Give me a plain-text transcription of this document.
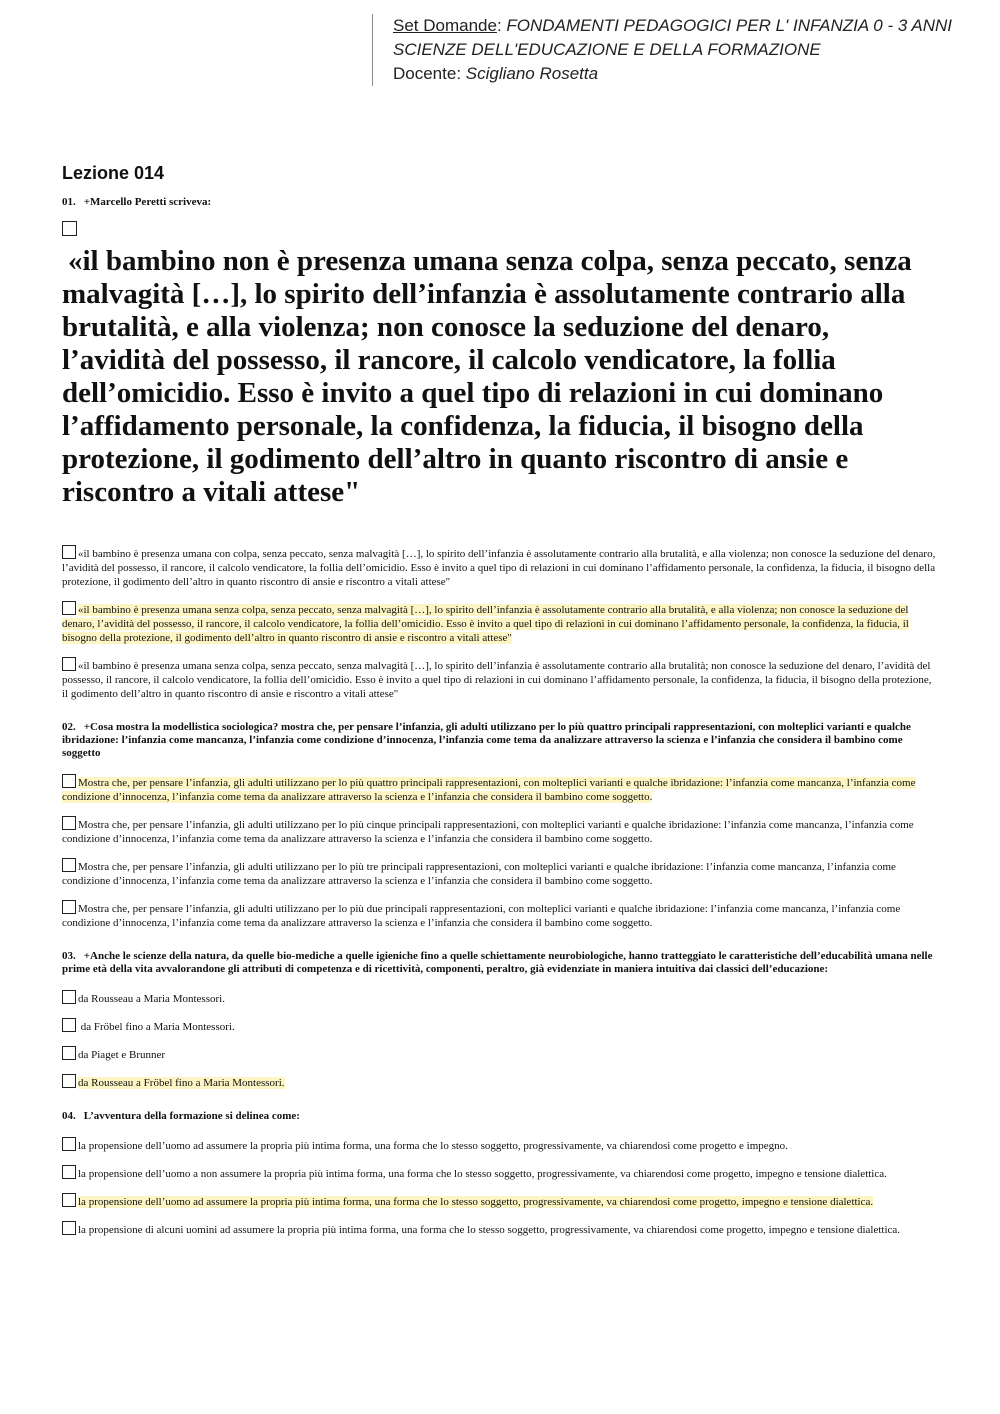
Set Domande: FONDAMENTI PEDAGOGICI PER L' INFANZIA 0 - 3 ANNI
SCIENZE DELL'EDUCAZIONE E DELLA FORMAZIONE
Docente: Scigliano Rosetta
Lezione 014
01. +Marcello Peretti scriveva:
«il bambino non è presenza umana senza colpa, senza peccato, senza malvagità […], lo spirito dell’infanzia è assolutamente contrario alla brutalità, e alla violenza; non conosce la seduzione del denaro, l’avidità del possesso, il rancore, il calcolo vendicatore, la follia dell’omicidio. Esso è invito a quel tipo di relazioni in cui dominano l’affidamento personale, la confidenza, la fiducia, il bisogno della protezione, il godimento dell’altro in quanto riscontro di ansie e riscontro a vitali attese"
«il bambino è presenza umana con colpa, senza peccato, senza malvagità […], lo spirito dell’infanzia è assolutamente contrario alla brutalità, e alla violenza; non conosce la seduzione del denaro, l’avidità del possesso, il rancore, il calcolo vendicatore, la follia dell’omicidio. Esso è invito a quel tipo di relazioni in cui dominano l’affidamento personale, la confidenza, la fiducia, il bisogno della protezione, il godimento dell’altro in quanto riscontro di ansie e riscontro a vitali attese"
«il bambino è presenza umana senza colpa, senza peccato, senza malvagità […], lo spirito dell’infanzia è assolutamente contrario alla brutalità, e alla violenza; non conosce la seduzione del denaro, l’avidità del possesso, il rancore, il calcolo vendicatore, la follia dell’omicidio. Esso è invito a quel tipo di relazioni in cui dominano l’affidamento personale, la confidenza, la fiducia, il bisogno della protezione, il godimento dell’altro in quanto riscontro di ansie e riscontro a vitali attese"
«il bambino è presenza umana senza colpa, senza peccato, senza malvagità […], lo spirito dell’infanzia è assolutamente contrario alla brutalità; non conosce la seduzione del denaro, l’avidità del possesso, il rancore, il calcolo vendicatore, la follia dell’omicidio. Esso è invito a quel tipo di relazioni in cui dominano l’affidamento personale, la confidenza, la fiducia, il bisogno della protezione, il godimento dell’altro in quanto riscontro di ansie e riscontro a vitali attese"
02. +Cosa mostra la modellistica sociologica? mostra che, per pensare l’infanzia, gli adulti utilizzano per lo più quattro principali rappresentazioni, con molteplici varianti e qualche ibridazione: l’infanzia come mancanza, l’infanzia come condizione d’innocenza, l’infanzia come tema da analizzare attraverso la scienza e l’infanzia che considera il bambino come soggetto
Mostra che, per pensare l’infanzia, gli adulti utilizzano per lo più quattro principali rappresentazioni, con molteplici varianti e qualche ibridazione: l’infanzia come mancanza, l’infanzia come condizione d’innocenza, l’infanzia come tema da analizzare attraverso la scienza e l’infanzia che considera il bambino come soggetto.
Mostra che, per pensare l’infanzia, gli adulti utilizzano per lo più cinque principali rappresentazioni, con molteplici varianti e qualche ibridazione: l’infanzia come mancanza, l’infanzia come condizione d’innocenza, l’infanzia come tema da analizzare attraverso la scienza e l’infanzia che considera il bambino come soggetto.
Mostra che, per pensare l’infanzia, gli adulti utilizzano per lo più tre principali rappresentazioni, con molteplici varianti e qualche ibridazione: l’infanzia come mancanza, l’infanzia come condizione d’innocenza, l’infanzia come tema da analizzare attraverso la scienza e l’infanzia che considera il bambino come soggetto.
Mostra che, per pensare l’infanzia, gli adulti utilizzano per lo più due principali rappresentazioni, con molteplici varianti e qualche ibridazione: l’infanzia come mancanza, l’infanzia come condizione d’innocenza, l’infanzia come tema da analizzare attraverso la scienza e l’infanzia che considera il bambino come soggetto.
03. +Anche le scienze della natura, da quelle bio-mediche a quelle igieniche fino a quelle schiettamente neurobiologiche, hanno tratteggiato le caratteristiche dell’educabilità umana nelle prime età della vita avvalorandone gli attributi di competenza e di ricettività, componenti, peraltro, già evidenziate in maniera intuitiva dai classici dell’educazione:
da Rousseau a Maria Montessori.
da Fröbel fino a Maria Montessori.
da Piaget e Brunner
da Rousseau a Fröbel fino a Maria Montessori.
04. L’avventura della formazione si delinea come:
la propensione dell’uomo ad assumere la propria più intima forma, una forma che lo stesso soggetto, progressivamente, va chiarendosi come progetto e impegno.
la propensione dell’uomo a non assumere la propria più intima forma, una forma che lo stesso soggetto, progressivamente, va chiarendosi come progetto, impegno e tensione dialettica.
la propensione dell’uomo ad assumere la propria più intima forma, una forma che lo stesso soggetto, progressivamente, va chiarendosi come progetto, impegno e tensione dialettica.
la propensione di alcuni uomini ad assumere la propria più intima forma, una forma che lo stesso soggetto, progressivamente, va chiarendosi come progetto, impegno e tensione dialettica.
